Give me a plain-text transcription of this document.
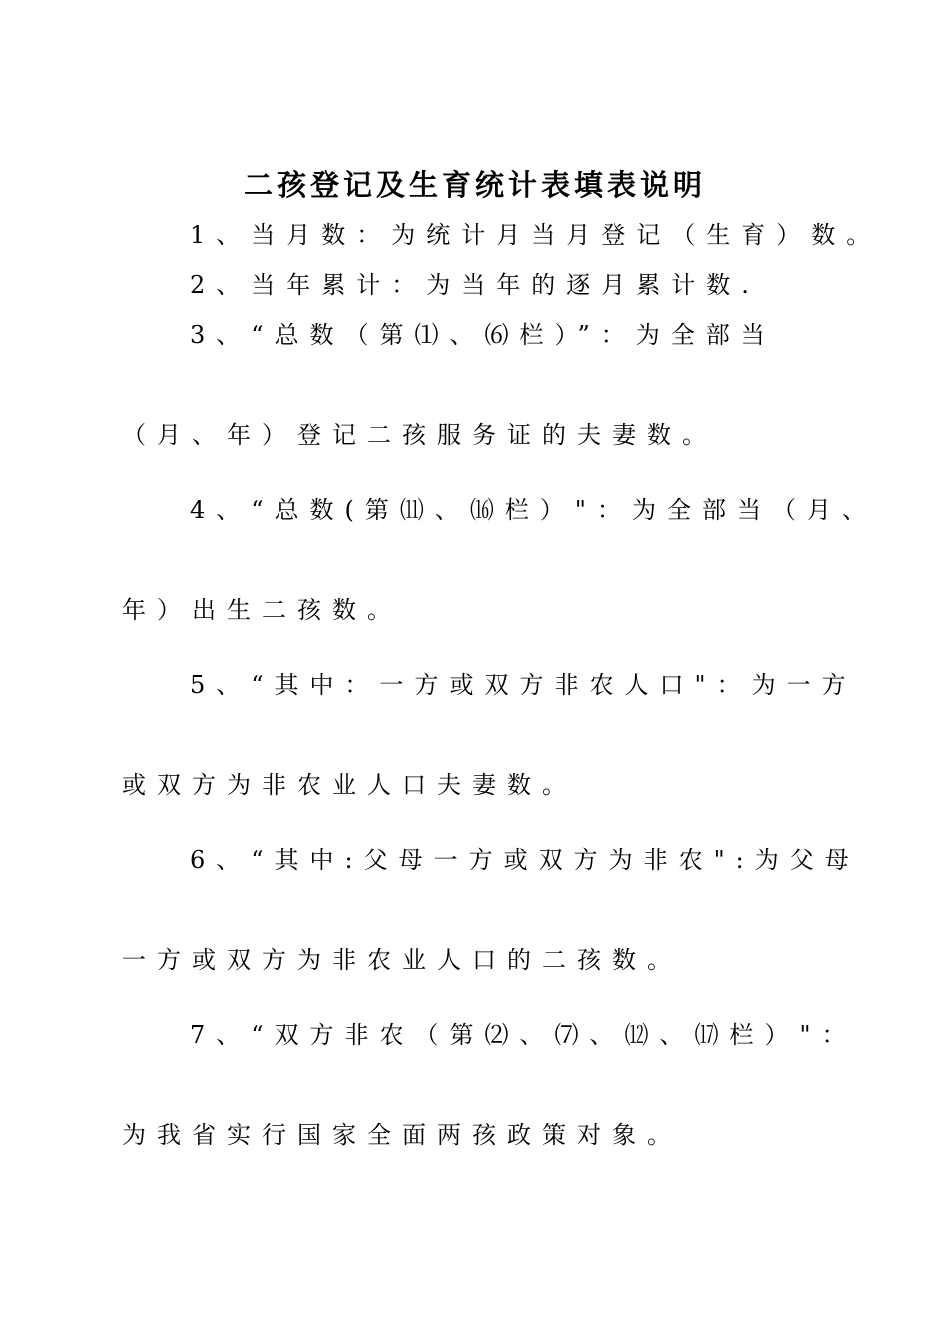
二孩登记及生育统计表填表说明
1、当月数：为统计月当月登记（生育）数。
2、当年累计：为当年的逐月累计数.
3、“总数（第⑴、⑹栏）”：为全部当
（月、年）登记二孩服务证的夫妻数。
4、“总数(第⑾、⒃栏）"：为全部当（月、
年）出生二孩数。
5、“其中：一方或双方非农人口"：为一方
或双方为非农业人口夫妻数。
6、“其中:父母一方或双方为非农":为父母
一方或双方为非农业人口的二孩数。
7、“双方非农（第⑵、⑺、⑿、⒄栏）"：
为我省实行国家全面两孩政策对象。
